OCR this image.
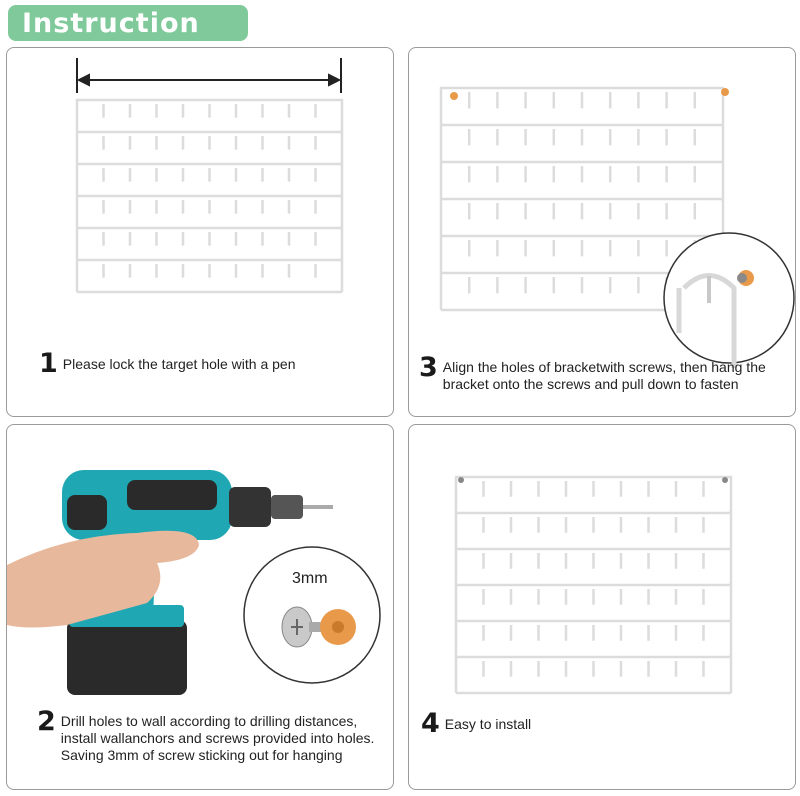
Instruction
1 Please lock the target hole with a pen	3 Align the holes of bracketwith screws, then hang the bracket onto the screws and pull down to fasten
3mm
2 Drill holes to wall according to drilling distances, install wallanchors and screws provided into holes. Saving 3mm of screw sticking out for hanging
4 Easy to install
